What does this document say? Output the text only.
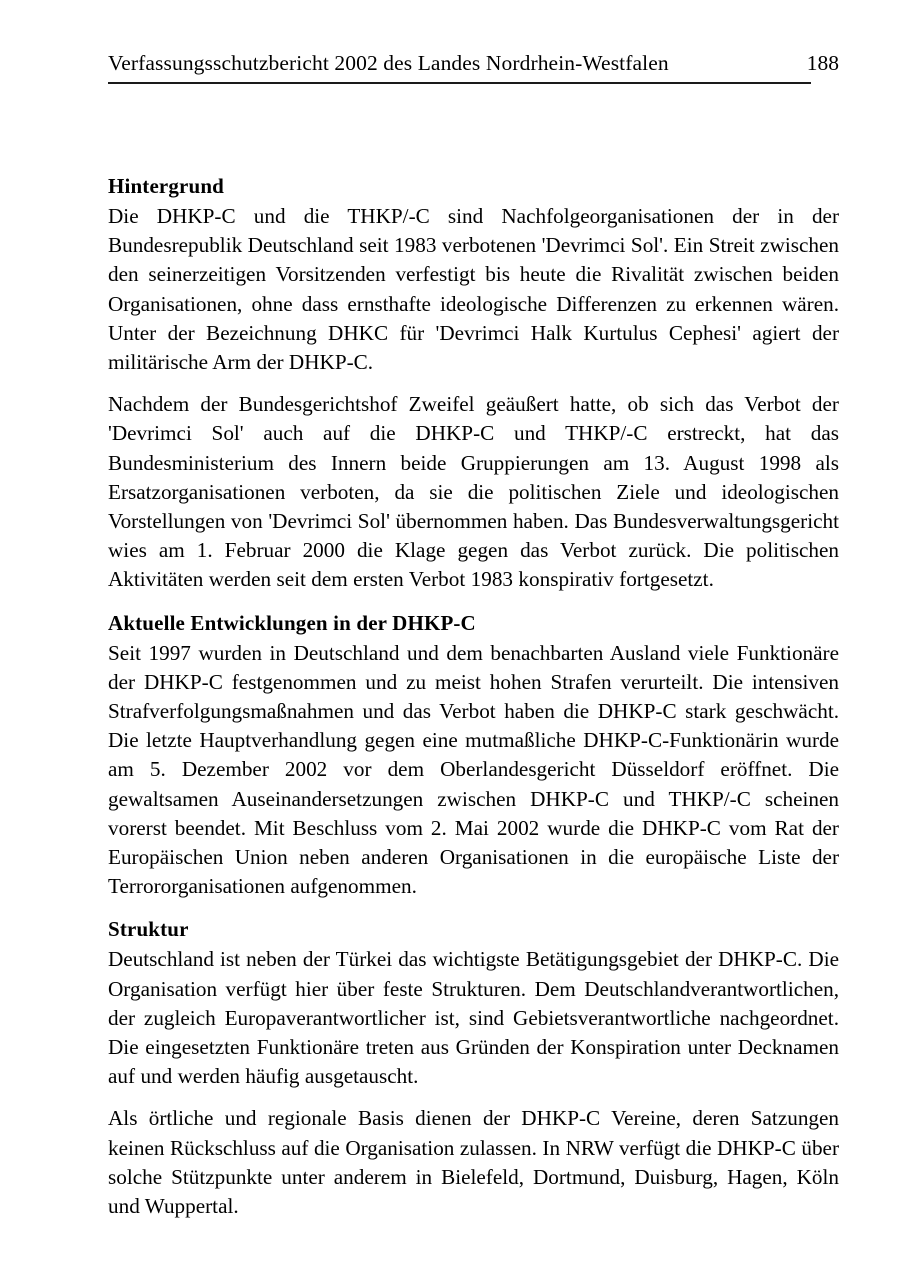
Verfassungsschutzbericht 2002 des Landes Nordrhein-Westfalen	188
Hintergrund

Die DHKP-C und die THKP/-C sind Nachfolgeorganisationen der in der Bundesrepublik Deutschland seit 1983 verbotenen 'Devrimci Sol'. Ein Streit zwischen den seinerzeitigen Vorsitzenden verfestigt bis heute die Rivalität zwischen beiden Organisationen, ohne dass ernsthafte ideologische Differenzen zu erkennen wären. Unter der Bezeichnung DHKC für 'Devrimci Halk Kurtulus Cephesi' agiert der militärische Arm der DHKP-C.

Nachdem der Bundesgerichtshof Zweifel geäußert hatte, ob sich das Verbot der 'Devrimci Sol' auch auf die DHKP-C und THKP/-C erstreckt, hat das Bundesministerium des Innern beide Gruppierungen am 13. August 1998 als Ersatzorganisationen verboten, da sie die politischen Ziele und ideologischen Vorstellungen von 'Devrimci Sol' übernommen haben. Das Bundesverwaltungsgericht wies am 1. Februar 2000 die Klage gegen das Verbot zurück. Die politischen Aktivitäten werden seit dem ersten Verbot 1983 konspirativ fortgesetzt.

Aktuelle Entwicklungen in der DHKP-C

Seit 1997 wurden in Deutschland und dem benachbarten Ausland viele Funktionäre der DHKP-C festgenommen und zu meist hohen Strafen verurteilt. Die intensiven Strafverfolgungsmaßnahmen und das Verbot haben die DHKP-C stark geschwächt. Die letzte Hauptverhandlung gegen eine mutmaßliche DHKP-C-Funktionärin wurde am 5. Dezember 2002 vor dem Oberlandesgericht Düsseldorf eröffnet. Die gewaltsamen Auseinandersetzungen zwischen DHKP-C und THKP/-C scheinen vorerst beendet. Mit Beschluss vom 2. Mai 2002 wurde die DHKP-C vom Rat der Europäischen Union neben anderen Organisationen in die europäische Liste der Terrororganisationen aufgenommen.

Struktur

Deutschland ist neben der Türkei das wichtigste Betätigungsgebiet der DHKP-C. Die Organisation verfügt hier über feste Strukturen. Dem Deutschlandverantwortlichen, der zugleich Europaverantwortlicher ist, sind Gebietsverantwortliche nachgeordnet. Die eingesetzten Funktionäre treten aus Gründen der Konspiration unter Decknamen auf und werden häufig ausgetauscht.

Als örtliche und regionale Basis dienen der DHKP-C Vereine, deren Satzungen keinen Rückschluss auf die Organisation zulassen. In NRW verfügt die DHKP-C über solche Stützpunkte unter anderem in Bielefeld, Dortmund, Duisburg, Hagen, Köln und Wuppertal.
